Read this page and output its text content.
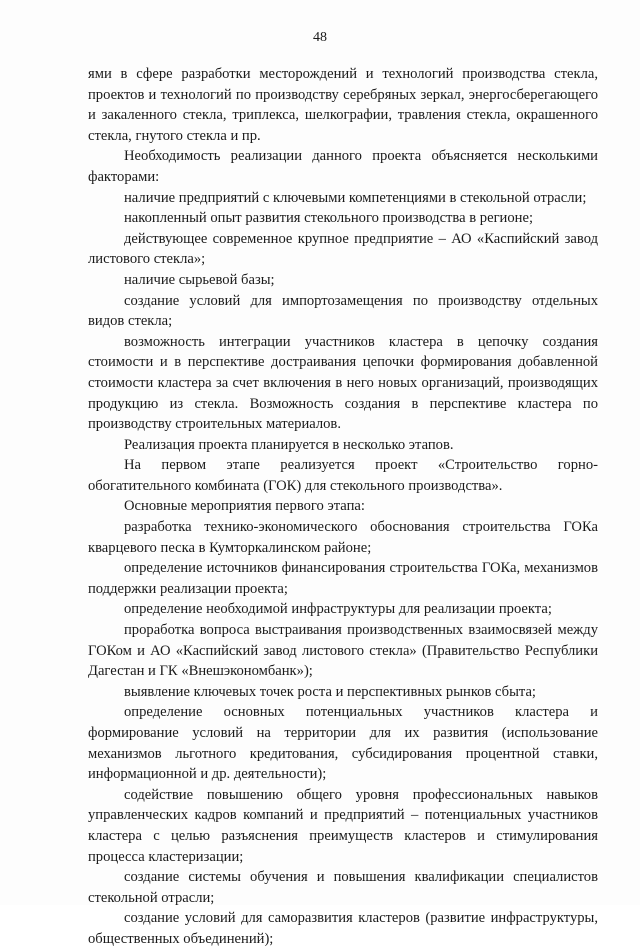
48

ями в сфере разработки месторождений и технологий производства стекла, проектов и технологий по производству серебряных зеркал, энергосберегающего и закаленного стекла, триплекса, шелкографии, травления стекла, окрашенного стекла, гнутого стекла и пр.

Необходимость реализации данного проекта объясняется несколькими факторами:

наличие предприятий с ключевыми компетенциями в стекольной отрасли;

накопленный опыт развития стекольного производства в регионе;

действующее современное крупное предприятие – АО «Каспийский завод листового стекла»;

наличие сырьевой базы;

создание условий для импортозамещения по производству отдельных видов стекла;

возможность интеграции участников кластера в цепочку создания стоимости и в перспективе достраивания цепочки формирования добавленной стоимости кластера за счет включения в него новых организаций, производящих продукцию из стекла. Возможность создания в перспективе кластера по производству строительных материалов.

Реализация проекта планируется в несколько этапов.

На первом этапе реализуется проект «Строительство горно-обогатительного комбината (ГОК) для стекольного производства».

Основные мероприятия первого этапа:

разработка технико-экономического обоснования строительства ГОКа кварцевого песка в Кумторкалинском районе;

определение источников финансирования строительства ГОКа, механизмов поддержки реализации проекта;

определение необходимой инфраструктуры для реализации проекта;

проработка вопроса выстраивания производственных взаимосвязей между ГОКом и АО «Каспийский завод листового стекла» (Правительство Республики Дагестан и ГК «Внешэкономбанк»);

выявление ключевых точек роста и перспективных рынков сбыта;

определение основных потенциальных участников кластера и формирование условий на территории для их развития (использование механизмов льготного кредитования, субсидирования процентной ставки, информационной и др. деятельности);

содействие повышению общего уровня профессиональных навыков управленческих кадров компаний и предприятий – потенциальных участников кластера с целью разъяснения преимуществ кластеров и стимулирования процесса кластеризации;

создание системы обучения и повышения квалификации специалистов стекольной отрасли;

создание условий для саморазвития кластеров (развитие инфраструктуры, общественных объединений);
